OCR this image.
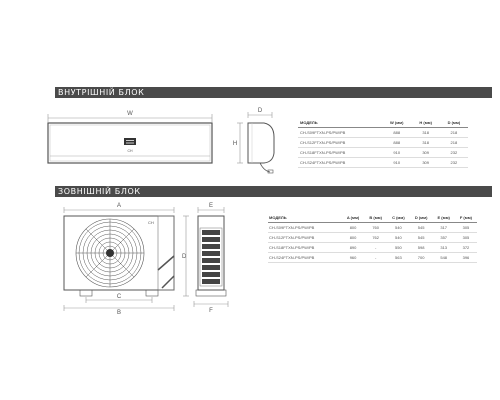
ВНУТРІШНІЙ БЛОК
W
CH
D
H
МОДЕЛЬ	W (мм)	H (мм)	D (мм)
CH-S09FTXN-PS/PW/PB	888	318	218
CH-S12FTXN-PS/PW/PB	888	318	218
CH-S18FTXN-PS/PW/PB	910	309	232
CH-S24FTXN-PS/PW/PB	910	309	232
ЗОВНІШНІЙ БЛОК
A
CH
C
B
D
E
F
МОДЕЛЬ	A (мм)	B (мм)	C (мм)	D (мм)	E (мм)	F (мм)
CH-S09FTXN-PS/PW/PB	800	760	540	545	317	305
CH-S12FTXN-PS/PW/PB	800	762	540	545	357	305
CH-S18FTXN-PS/PW/PB	890	-	550	598	313	372
CH-S24FTXN-PS/PW/PB	960	-	563	700	548	396
